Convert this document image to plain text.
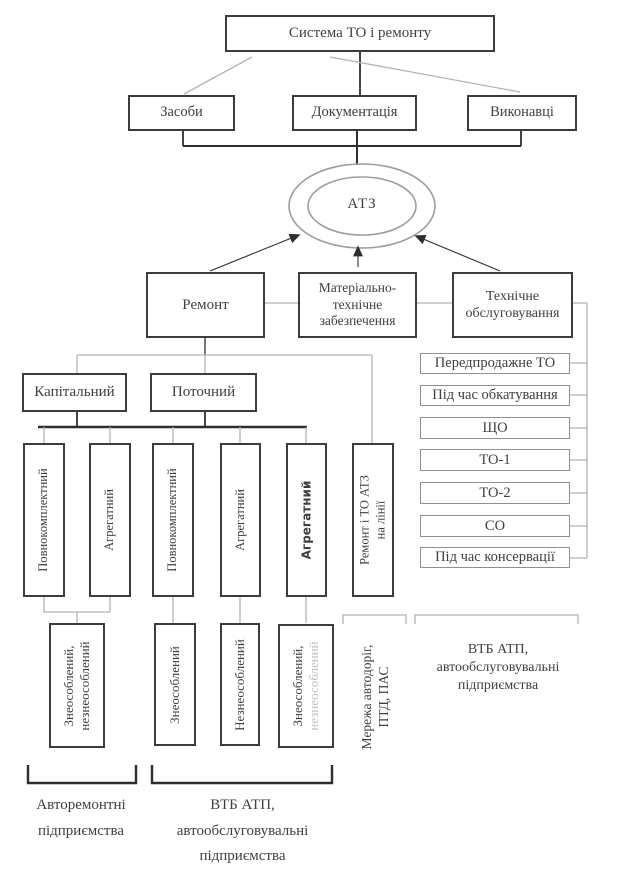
Система ТО і ремонту
Засоби	Документація	Виконавці
АТЗ
Ремонт
Матеріально-
технічне
забезпечення
Технічне
обслуговування
Капітальний	Поточний
Повнокомплектний	Агрегатний	Повнокомплектний	Агрегатний	Агрегатний	Ремонт і ТО АТЗ на лінії
Передпродажне ТО
Під час обкатування
ЩО
ТО-1
ТО-2
СО
Під час консервації
Знеособлений, незнеособлений	Знеособлений	Незнеособлений	Знеособлений, незнеособлений	Мережа автодоріг, ПТД, ПАС
ВТБ АТП,
автообслуговувальні
підприємства
Авторемонтні
підприємства
ВТБ АТП,
автообслуговувальні
підприємства
